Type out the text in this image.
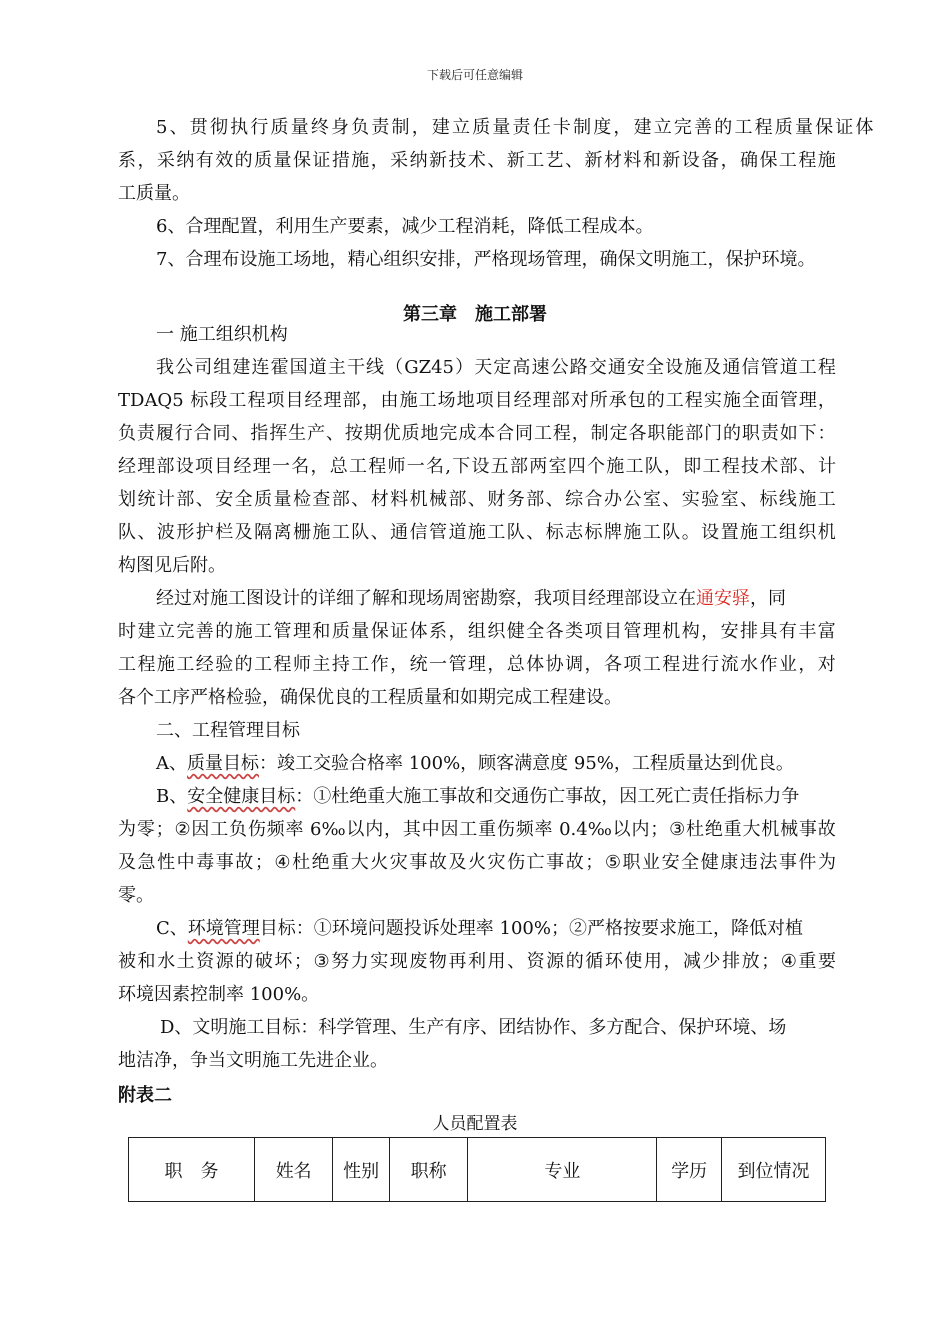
下载后可任意编辑
5 、 贯 彻 执 行 质 量 终 身 负 责 制 ， 建 立 质 量 责 任 卡 制 度 ， 建 立 完 善 的 工 程 质 量 保 证 体
系 ， 采 纳 有 效 的 质 量 保 证 措 施 ， 采 纳 新 技 术 、 新 工 艺 、 新 材 料 和 新 设 备 ， 确 保 工 程 施
工质量。
6、合理配置，利用生产要素，减少工程消耗，降低工程成本。
7、合理布设施工场地，精心组织安排，严格现场管理，确保文明施工，保护环境。
第三章　施工部署
一 施工组织机构
我 公 司 组 建 连 霍 国 道 主 干 线 （ GZ45 ） 天 定 高 速 公 路 交 通 安 全 设 施 及 通 信 管 道 工 程
TDAQ5 标 段 工 程 项 目 经 理 部 ， 由 施 工 场 地 项 目 经 理 部 对 所 承 包 的 工 程 实 施 全 面 管 理 ，
负 责 履 行 合 同 、 指 挥 生 产 、 按 期 优 质 地 完 成 本 合 同 工 程 ， 制 定 各 职 能 部 门 的 职 责 如 下 ：
经 理 部 设 项 目 经 理 一 名 ， 总 工 程 师 一 名 , 下 设 五 部 两 室 四 个 施 工 队 ， 即 工 程 技 术 部 、 计
划 统 计 部 、 安 全 质 量 检 查 部 、 材 料 机 械 部 、 财 务 部 、 综 合 办 公 室 、 实 验 室 、 标 线 施 工
队 、 波 形 护 栏 及 隔 离 栅 施 工 队 、 通 信 管 道 施 工 队 、 标 志 标 牌 施 工 队 。 设 置 施 工 组 织 机
构图见后附。
经过对施工图设计的详细了解和现场周密勘察，我项目经理部设立在通安驿，同
时 建 立 完 善 的 施 工 管 理 和 质 量 保 证 体 系 ， 组 织 健 全 各 类 项 目 管 理 机 构 ， 安 排 具 有 丰 富
工 程 施 工 经 验 的 工 程 师 主 持 工 作 ， 统 一 管 理 ， 总 体 协 调 ， 各 项 工 程 进 行 流 水 作 业 ， 对
各个工序严格检验，确保优良的工程质量和如期完成工程建设。
二、工程管理目标
A、质量目标：竣工交验合格率 100%，顾客满意度 95%，工程质量达到优良。
B、安全健康目标：①杜绝重大施工事故和交通伤亡事故，因工死亡责任指标力争
为 零 ； ② 因 工 负 伤 频 率 6‰ 以 内 ， 其 中 因 工 重 伤 频 率 0.4‰ 以 内 ； ③ 杜 绝 重 大 机 械 事 故
及 急 性 中 毒 事 故 ； ④ 杜 绝 重 大 火 灾 事 故 及 火 灾 伤 亡 事 故 ； ⑤ 职 业 安 全 健 康 违 法 事 件 为
零。
C、环境管理目标：①环境问题投诉处理率 100%；②严格按要求施工，降低对植
被 和 水 土 资 源 的 破 坏 ； ③ 努 力 实 现 废 物 再 利 用 、 资 源 的 循 环 使 用 ， 减 少 排 放 ； ④ 重 要
环境因素控制率 100%。
D、文明施工目标：科学管理、生产有序、团结协作、多方配合、保护环境、场
地洁净，争当文明施工先进企业。
附表二
人员配置表
职　务	姓名	性别	职称	专业	学历	到位情况
